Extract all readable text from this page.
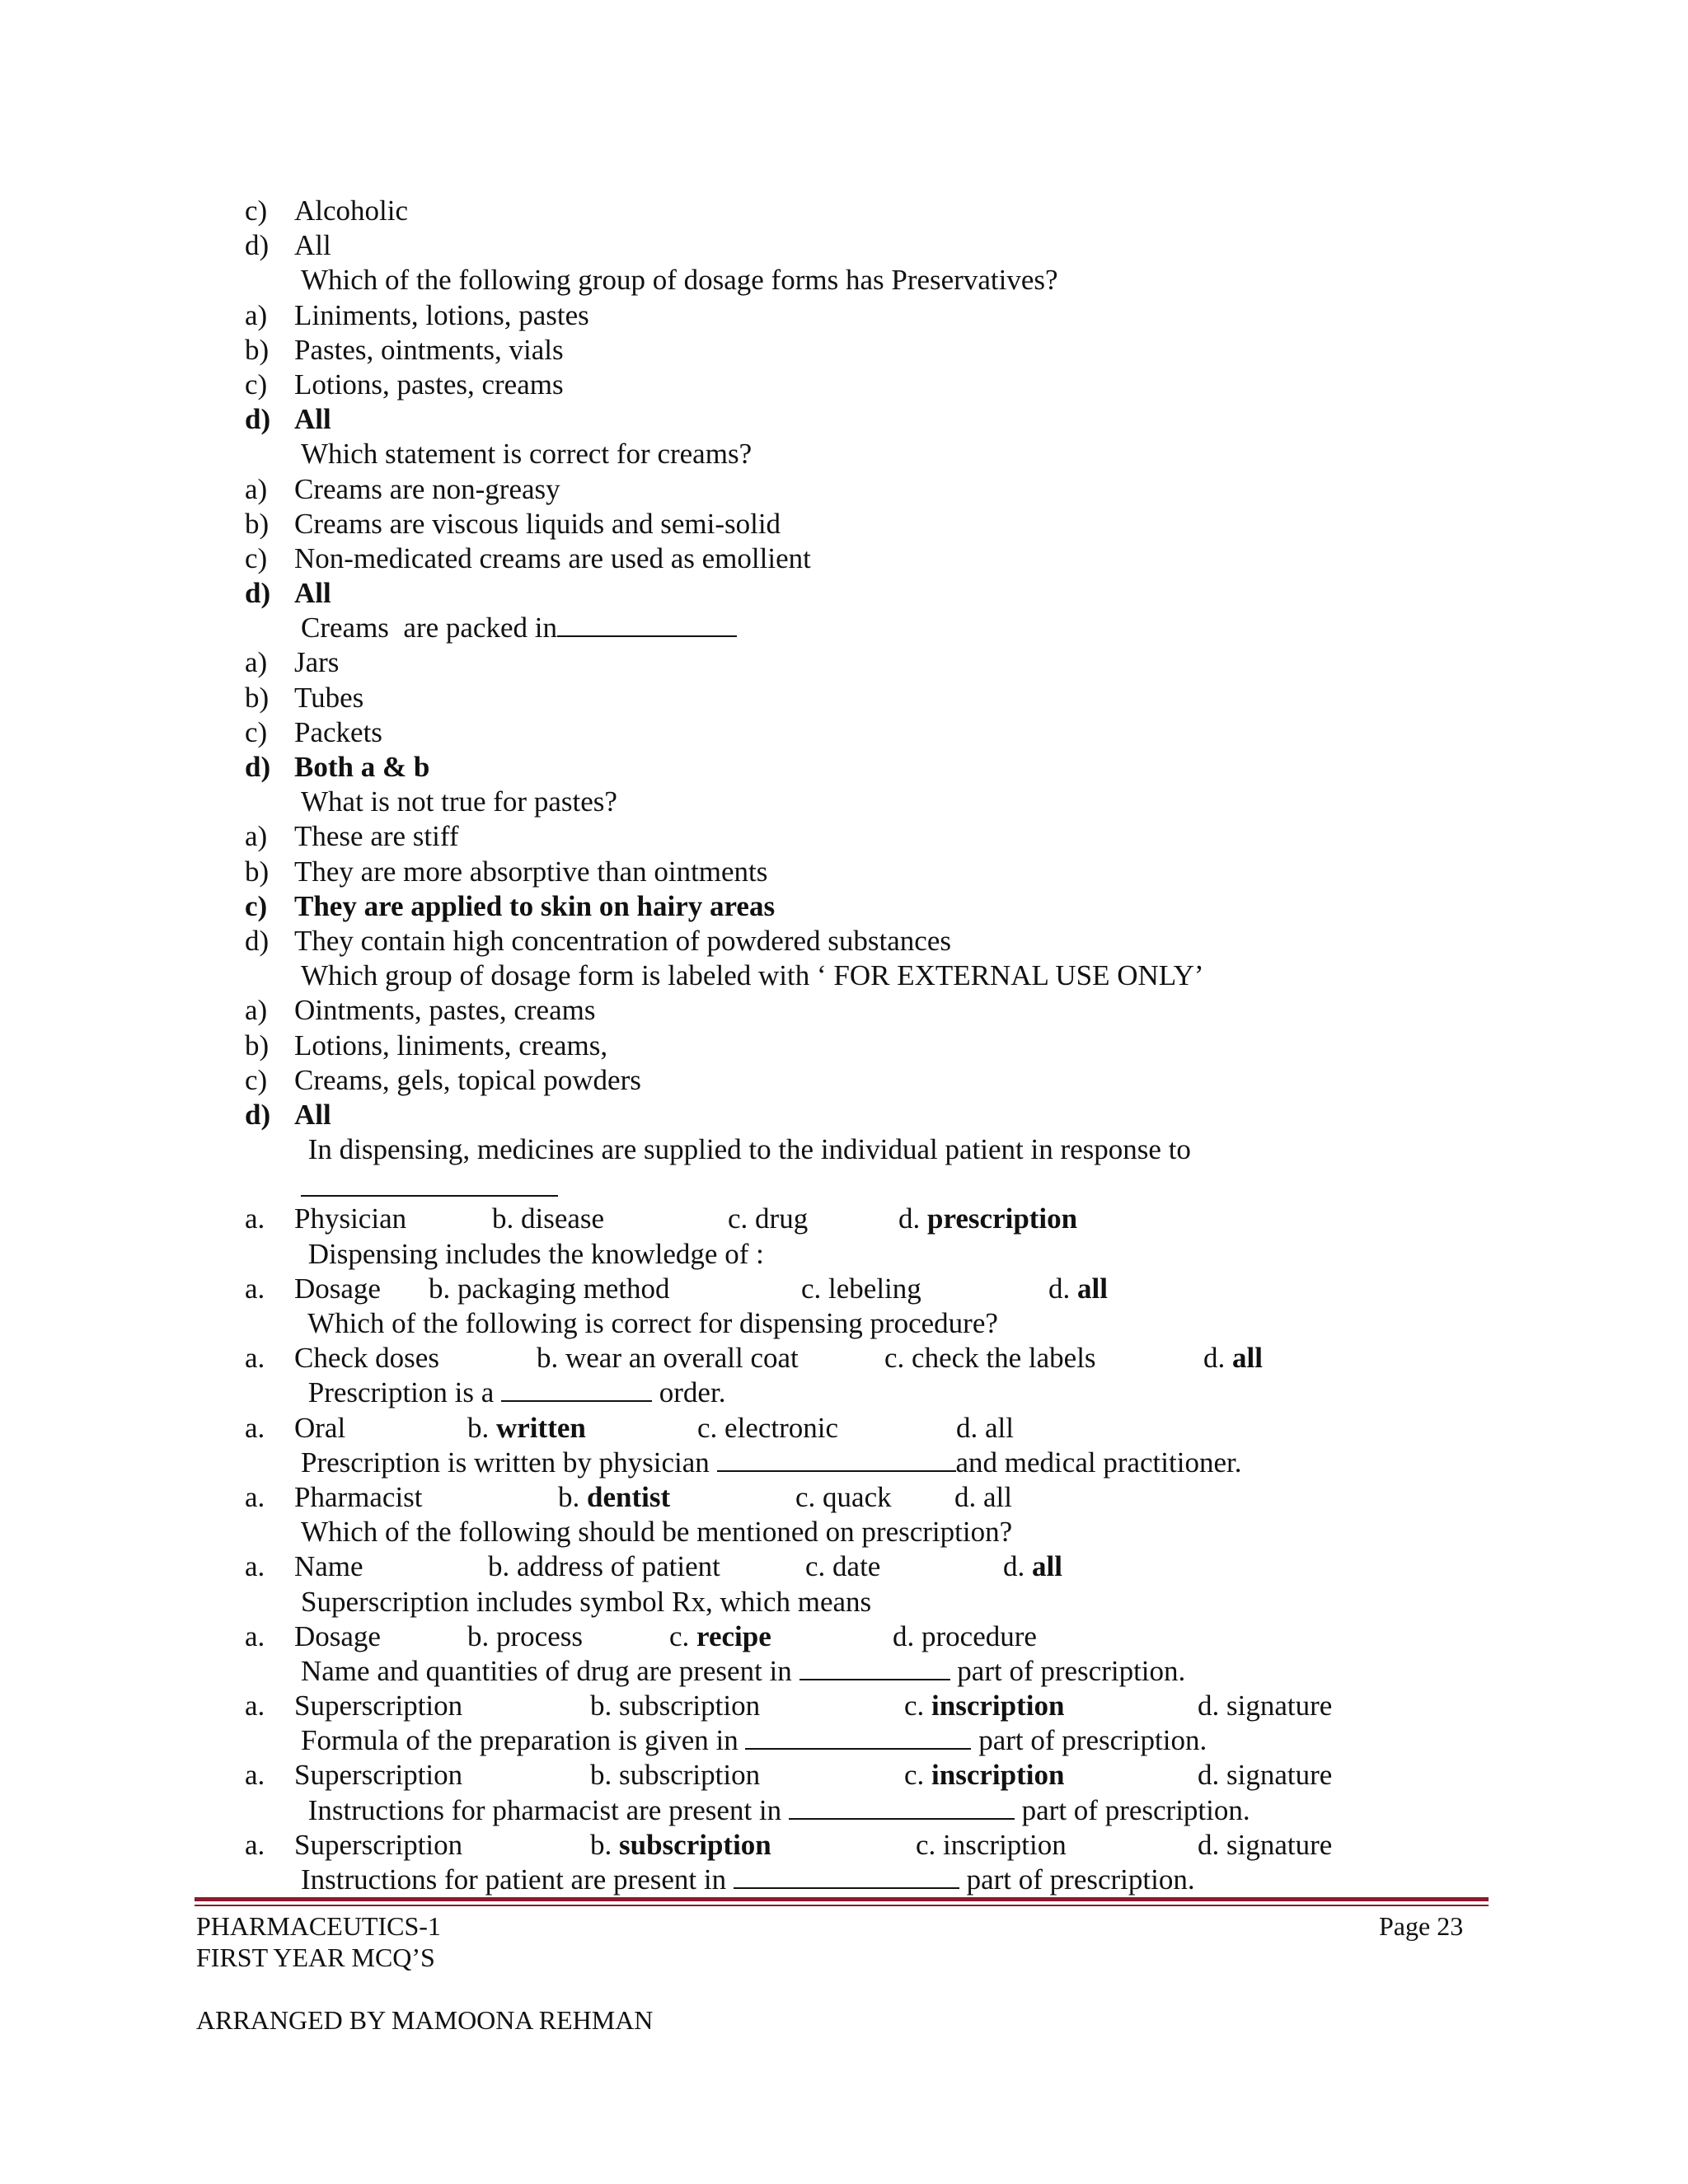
c) Alcoholic
d) All
Which of the following group of dosage forms has Preservatives?
a) Liniments, lotions, pastes
b) Pastes, ointments, vials
c) Lotions, pastes, creams
d) All
Which statement is correct for creams?
a) Creams are non-greasy
b) Creams are viscous liquids and semi-solid
c) Non-medicated creams are used as emollient
d) All
Creams  are packed in
a) Jars
b) Tubes
c) Packets
d) Both a & b
What is not true for pastes?
a) These are stiff
b) They are more absorptive than ointments
c) They are applied to skin on hairy areas
d) They contain high concentration of powdered substances
Which group of dosage form is labeled with ‘ FOR EXTERNAL USE ONLY’
a) Ointments, pastes, creams
b) Lotions, liniments, creams,
c) Creams, gels, topical powders
d) All
In dispensing, medicines are supplied to the individual patient in response to
a. Physician	b. disease	c. drug	d. prescription
Dispensing includes the knowledge of :
a. Dosage b. packaging method	c. lebeling	d. all
Which of the following is correct for dispensing procedure?
a. Check doses	b. wear an overall coat	c. check the labels	d. all
Prescription is a	order.
a. Oral	b. written	c. electronic	d. all
Prescription is written by physician	and medical practitioner.
a. Pharmacist	b. dentist	c. quack d. all
Which of the following should be mentioned on prescription?
a. Name	b. address of patient	c. date	d. all
Superscription includes symbol Rx, which means
a. Dosage	b. process	c. recipe	d. procedure
Name and quantities of drug are present in	part of prescription.
a. Superscription	b. subscription	c. inscription	d. signature
Formula of the preparation is given in	part of prescription.
a. Superscription	b. subscription	c. inscription	d. signature
Instructions for pharmacist are present in	part of prescription.
a. Superscription	b. subscription	c. inscription	d. signature
Instructions for patient are present in	part of prescription.
PHARMACEUTICS-1
FIRST YEAR MCQ’S
Page 23
ARRANGED BY MAMOONA REHMAN
